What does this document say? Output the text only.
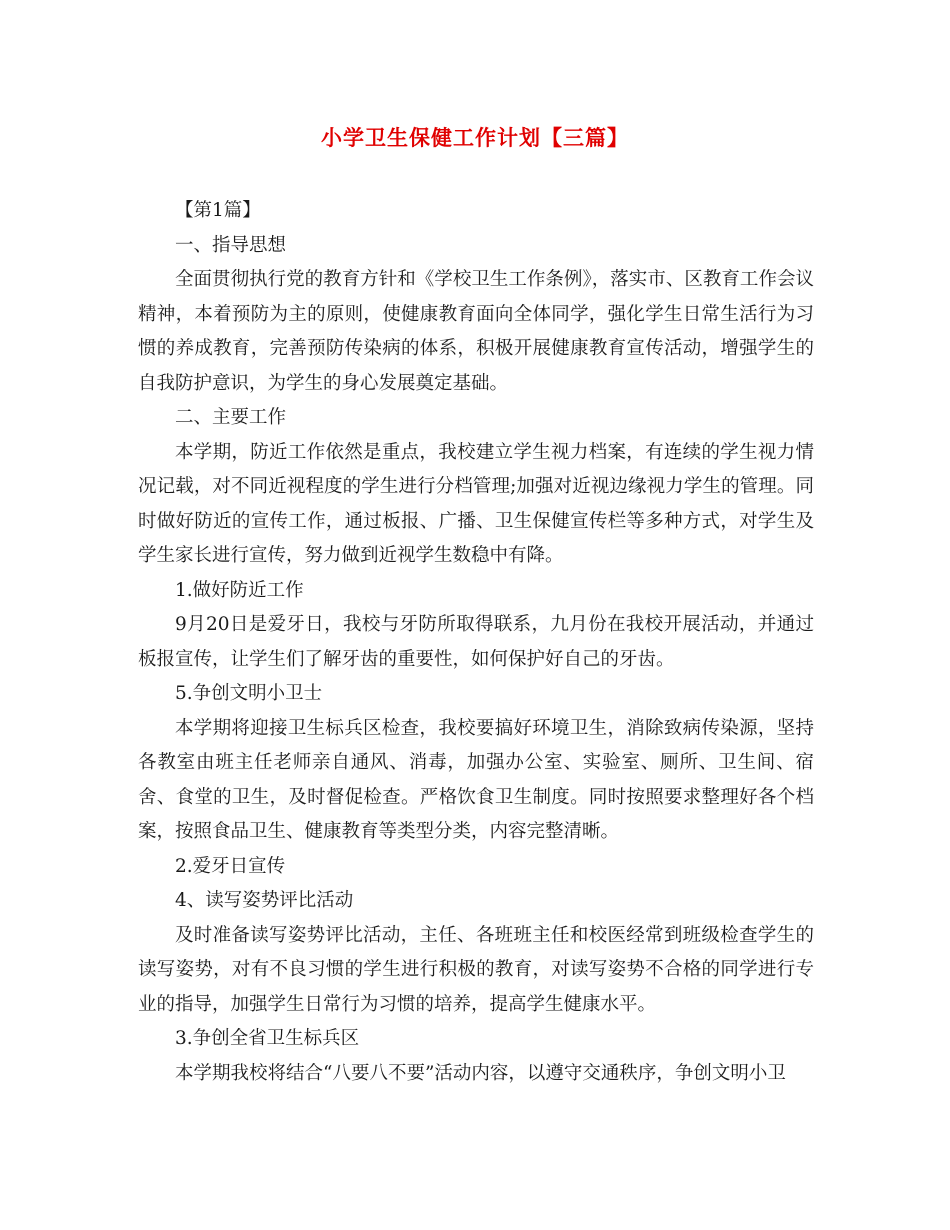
小学卫生保健工作计划【三篇】

【第1篇】

一、指导思想

全面贯彻执行党的教育方针和《学校卫生工作条例》，落实市、区教育工作会议精神，本着预防为主的原则，使健康教育面向全体同学，强化学生日常生活行为习惯的养成教育，完善预防传染病的体系，积极开展健康教育宣传活动，增强学生的自我防护意识，为学生的身心发展奠定基础。

二、主要工作

本学期，防近工作依然是重点，我校建立学生视力档案，有连续的学生视力情况记载，对不同近视程度的学生进行分档管理;加强对近视边缘视力学生的管理。同时做好防近的宣传工作，通过板报、广播、卫生保健宣传栏等多种方式，对学生及学生家长进行宣传，努力做到近视学生数稳中有降。

1.做好防近工作

9月20日是爱牙日，我校与牙防所取得联系，九月份在我校开展活动，并通过板报宣传，让学生们了解牙齿的重要性，如何保护好自己的牙齿。

5.争创文明小卫士

本学期将迎接卫生标兵区检查，我校要搞好环境卫生，消除致病传染源，坚持各教室由班主任老师亲自通风、消毒，加强办公室、实验室、厕所、卫生间、宿舍、食堂的卫生，及时督促检查。严格饮食卫生制度。同时按照要求整理好各个档案，按照食品卫生、健康教育等类型分类，内容完整清晰。

2.爱牙日宣传

4、读写姿势评比活动

及时准备读写姿势评比活动，主任、各班班主任和校医经常到班级检查学生的读写姿势，对有不良习惯的学生进行积极的教育，对读写姿势不合格的同学进行专业的指导，加强学生日常行为习惯的培养，提高学生健康水平。

3.争创全省卫生标兵区

本学期我校将结合“八要八不要”活动内容，以遵守交通秩序，争创文明小卫
